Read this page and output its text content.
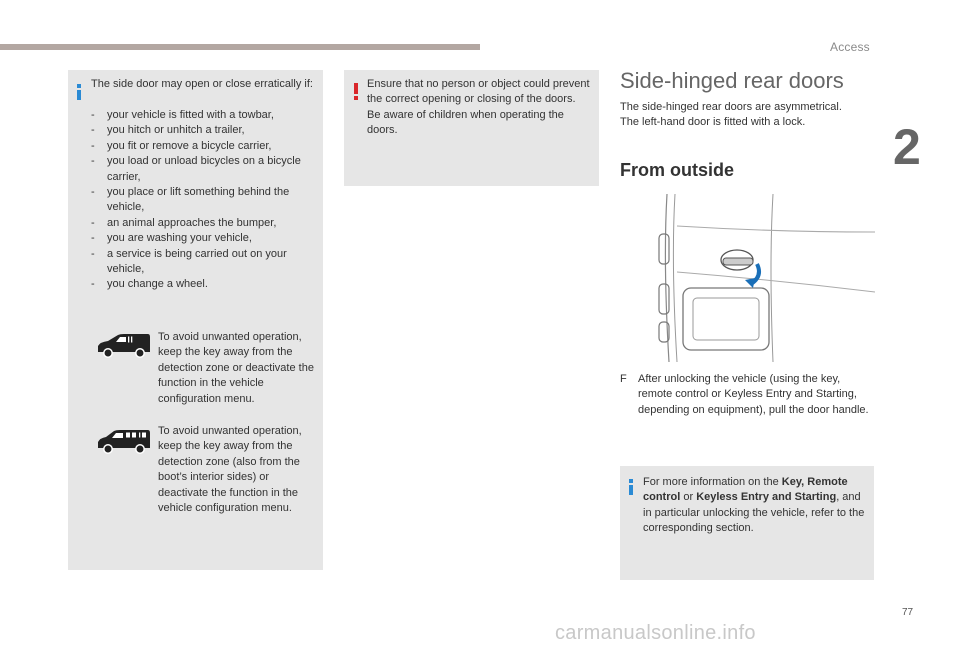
Access
2

The side door may open or close erratically if:

- your vehicle is fitted with a towbar,
- you hitch or unhitch a trailer,
- you fit or remove a bicycle carrier,
- you load or unload bicycles on a bicycle carrier,
- you place or lift something behind the vehicle,
- an animal approaches the bumper,
- you are washing your vehicle,
- a service is being carried out on your vehicle,
- you change a wheel.

To avoid unwanted operation, keep the key away from the detection zone or deactivate the function in the vehicle configuration menu.

To avoid unwanted operation, keep the key away from the detection zone (also from the boot’s interior sides) or deactivate the function in the vehicle configuration menu.

Ensure that no person or object could prevent the correct opening or closing of the doors.

Be aware of children when operating the doors.

Side-hinged rear doors

The side-hinged rear doors are asymmetrical.

The left-hand door is fitted with a lock.

From outside
F	After unlocking the vehicle (using the key, remote control or Keyless Entry and Starting, depending on equipment), pull the door handle.

For more information on the Key, Remote control or Keyless Entry and Starting, and in particular unlocking the vehicle, refer to the corresponding section.

77
carmanualsonline.info
